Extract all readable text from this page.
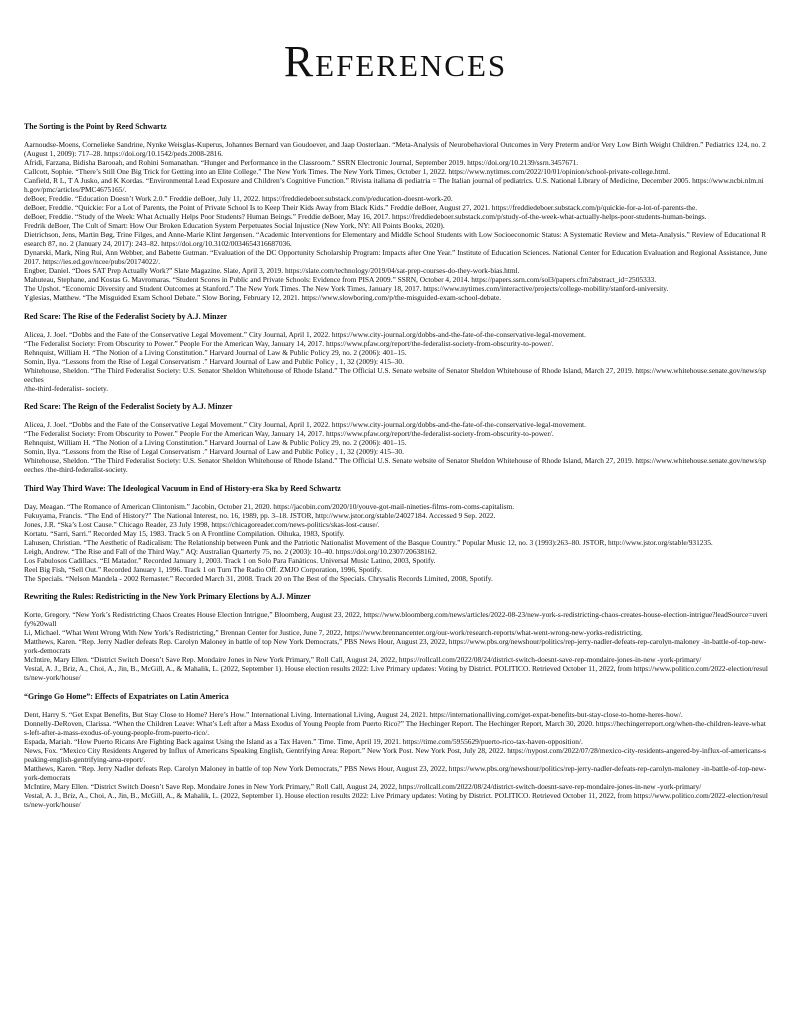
References
The Sorting is the Point by Reed Schwartz

Aarnoudse-Moens, Cornelieke Sandrine, Nynke Weisglas-Kuperus, Johannes Bernard van Goudoever, and Jaap Oosterlaan. “Meta-Analysis of Neurobehavioral Outcomes in Very Preterm and/or Very Low Birth Weight Children.” Pediatrics 124, no. 2 (August 1, 2009): 717–28. https://doi.org/10.1542/peds.2008-2816.

Afridi, Farzana, Bidisha Barooah, and Rohini Somanathan. “Hunger and Performance in the Classroom.” SSRN Electronic Journal, September 2019. https://doi.org/10.2139/ssrn.3457671.

Callcott, Sophie. “There’s Still One Big Trick for Getting into an Elite College.” The New York Times. The New York Times, October 1, 2022. https://www.nytimes.com/2022/10/01/opinion/school-private-college.html.

Canfield, R L, T A Jusko, and K Kordas. “Environmental Lead Exposure and Children’s Cognitive Function.” Rivista italiana di pediatria = The Italian journal of pediatrics. U.S. National Library of Medicine, December 2005. https://www.ncbi.nlm.nih.gov/pmc/articles/PMC4675165/.

deBoer, Freddie. “Education Doesn’t Work 2.0.” Freddie deBoer, July 11, 2022. https://freddiedeboer.substack.com/p/education-doesnt-work-20.

deBoer, Freddie. “Quickie: For a Lot of Parents, the Point of Private School Is to Keep Their Kids Away from Black Kids.” Freddie deBoer, August 27, 2021. https://freddiedeboer.substack.com/p/quickie-for-a-lot-of-parents-the.

deBoer, Freddie. “Study of the Week: What Actually Helps Poor Students? Human Beings.” Freddie deBoer, May 16, 2017. https://freddiedeboer.substack.com/p/study-of-the-week-what-actually-helps-poor-students-human-beings.

Fredrik deBoer, The Cult of Smart: How Our Broken Education System Perpetuates Social Injustice (New York, NY: All Points Books, 2020).

Dietrichson, Jens, Martin Bøg, Trine Filges, and Anne-Marie Klint Jørgensen. “Academic Interventions for Elementary and Middle School Students with Low Socioeconomic Status: A Systematic Review and Meta-Analysis.” Review of Educational Research 87, no. 2 (January 24, 2017): 243–82. https://doi.org/10.3102/0034654316687036.

Dynarski, Mark, Ning Rui, Ann Webber, and Babette Gutman. “Evaluation of the DC Opportunity Scholarship Program: Impacts after One Year.” Institute of Education Sciences. National Center for Education Evaluation and Regional Assistance, June 2017. https://ies.ed.gov/ncee/pubs/20174022/.

Engber, Daniel. “Does SAT Prep Actually Work?” Slate Magazine. Slate, April 3, 2019. https://slate.com/technology/2019/04/sat-prep-courses-do-they-work-bias.html.

Mahuteau, Stephane, and Kostas G. Mavromaras. “Student Scores in Public and Private Schools: Evidence from PISA 2009.” SSRN, October 4, 2014. https://papers.ssrn.com/sol3/papers.cfm?abstract_id=2505333.

The Upshot. “Economic Diversity and Student Outcomes at Stanford.” The New York Times. The New York Times, January 18, 2017. https://www.nytimes.com/interactive/projects/college-mobility/stanford-university.

Yglesias, Matthew. “The Misguided Exam School Debate.” Slow Boring, February 12, 2021. https://www.slowboring.com/p/the-misguided-exam-school-debate.

Red Scare: The Rise of the Federalist Society by A.J. Minzer

Alicea, J. Joel. “Dobbs and the Fate of the Conservative Legal Movement.” City Journal, April 1, 2022. https://www.city-journal.org/dobbs-and-the-fate-of-the-conservative-legal-movement.

“The Federalist Society: From Obscurity to Power.” People For the American Way, January 14, 2017. https://www.pfaw.org/report/the-federalist-society-from-obscurity-to-power/.

Rehnquist, William H. “The Notion of a Living Constitution.” Harvard Journal of Law & Public Policy 29, no. 2 (2006): 401–15.

Somin, Ilya. “Lessons from the Rise of Legal Conservatism .” Harvard Journal of Law and Public Policy , 1, 32 (2009): 415–30.

Whitehouse, Sheldon. “The Third Federalist Society: U.S. Senator Sheldon Whitehouse of Rhode Island.” The Official U.S. Senate website of Senator Sheldon Whitehouse of Rhode Island, March 27, 2019. https://www.whitehouse.senate.gov/news/speeches

/the-third-federalist- society.

Red Scare: The Reign of the Federalist Society by A.J. Minzer

Alicea, J. Joel. “Dobbs and the Fate of the Conservative Legal Movement.” City Journal, April 1, 2022. https://www.city-journal.org/dobbs-and-the-fate-of-the-conservative-legal-movement.

“The Federalist Society: From Obscurity to Power.” People For the American Way, January 14, 2017. https://www.pfaw.org/report/the-federalist-society-from-obscurity-to-power/.

Rehnquist, William H. “The Notion of a Living Constitution.” Harvard Journal of Law & Public Policy 29, no. 2 (2006): 401–15.

Somin, Ilya. “Lessons from the Rise of Legal Conservatism .” Harvard Journal of Law and Public Policy , 1, 32 (2009): 415–30.

Whitehouse, Sheldon. “The Third Federalist Society: U.S. Senator Sheldon Whitehouse of Rhode Island.” The Official U.S. Senate website of Senator Sheldon Whitehouse of Rhode Island, March 27, 2019. https://www.whitehouse.senate.gov/news/speeches /the-third-federalist-society.

Third Way Third Wave: The Ideological Vacuum in End of History-era Ska by Reed Schwartz

Day, Meagan. “The Romance of American Clintonism.” Jacobin, October 21, 2020. https://jacobin.com/2020/10/youve-got-mail-nineties-films-rom-coms-capitalism.

Fukuyama, Francis. “The End of History?” The National Interest, no. 16, 1989, pp. 3–18. JSTOR, http://www.jstor.org/stable/24027184. Accessed 9 Sep. 2022.

Jones, J.R. “Ska’s Lost Cause.” Chicago Reader, 23 July 1998, https://chicagoreader.com/news-politics/skas-lost-cause/.

Kortatu. “Sarri, Sarri.” Recorded May 15, 1983. Track 5 on A Frontline Compilation. Oihuka, 1983, Spotify.

Lahusen, Christian. “The Aesthetic of Radicalism: The Relationship between Punk and the Patriotic Nationalist Movement of the Basque Country.” Popular Music 12, no. 3 (1993):263–80. JSTOR, http://www.jstor.org/stable/931235.

Leigh, Andrew. “The Rise and Fall of the Third Way.” AQ: Australian Quarterly 75, no. 2 (2003): 10–40. https://doi.org/10.2307/20638162.

Los Fabulosos Cadillacs. “El Matador.” Recorded January 1, 2003. Track 1 on Solo Para Fanáticos. Universal Music Latino, 2003, Spotify.

Reel Big Fish, “Sell Out.” Recorded January 1, 1996. Track 1 on Turn The Radio Off. ZMJO Corporation, 1996, Spotify.

The Specials. “Nelson Mandela - 2002 Remaster.” Recorded March 31, 2008. Track 20 on The Best of the Specials. Chrysalis Records Limited, 2008, Spotify.

Rewriting the Rules: Redistricting in the New York Primary Elections by A.J. Minzer

Korte, Gregory. “New York’s Redistricting Chaos Creates House Election Intrigue,” Bloomberg, August 23, 2022, https://www.bloomberg.com/news/articles/2022-08-23/new-york-s-redistricting-chaos-creates-house-election-intrigue?leadSource=uverify%20wall

Li, Michael. “What Went Wrong With New York’s Redistricting,” Brennan Center for Justice, June 7, 2022, https://www.brennancenter.org/our-work/research-reports/what-went-wrong-new-yorks-redistricting.

Matthews, Karen. “Rep. Jerry Nadler defeats Rep. Carolyn Maloney in battle of top New York Democrats,” PBS News Hour, August 23, 2022, https://www.pbs.org/newshour/politics/rep-jerry-nadler-defeats-rep-carolyn-maloney -in-battle-of-top-new-york-democrats

McIntire, Mary Ellen. “District Switch Doesn’t Save Rep. Mondaire Jones in New York Primary,” Roll Call, August 24, 2022, https://rollcall.com/2022/08/24/district-switch-doesnt-save-rep-mondaire-jones-in-new -york-primary/

Vestal, A. J., Briz, A., Choi, A., Jin, B., McGill, A., & Mahalik, L. (2022, September 1). House election results 2022: Live Primary updates: Voting by District. POLITICO. Retrieved October 11, 2022, from https://www.politico.com/2022-election/results/new-york/house/

“Gringo Go Home”: Effects of Expatriates on Latin America

Dent, Harry S. “Get Expat Benefits, But Stay Close to Home? Here’s How.” International Living. International Living, August 24, 2021. https://internationalliving.com/get-expat-benefits-but-stay-close-to-home-heres-how/.

Donnelly-DeRoven, Clarissa. “When the Children Leave: What’s Left after a Mass Exodus of Young People from Puerto Rico?” The Hechinger Report. The Hechinger Report, March 30, 2020. https://hechingerreport.org/when-the-children-leave-whats-left-after-a-mass-exodus-of-young-people-from-puerto-rico/.

Espada, Mariah. “How Puerto Ricans Are Fighting Back against Using the Island as a Tax Haven.” Time. Time, April 19, 2021. https://time.com/5955629/puerto-rico-tax-haven-opposition/.

News, Fox. “Mexico City Residents Angered by Influx of Americans Speaking English, Gentrifying Area: Report.” New York Post. New York Post, July 28, 2022. https://nypost.com/2022/07/28/mexico-city-residents-angered-by-influx-of-americans-speaking-english-gentrifying-area-report/.

Matthews, Karen. “Rep. Jerry Nadler defeats Rep. Carolyn Maloney in battle of top New York Democrats,” PBS News Hour, August 23, 2022, https://www.pbs.org/newshour/politics/rep-jerry-nadler-defeats-rep-carolyn-maloney -in-battle-of-top-new-york-democrats

McIntire, Mary Ellen. “District Switch Doesn’t Save Rep. Mondaire Jones in New York Primary,” Roll Call, August 24, 2022, https://rollcall.com/2022/08/24/district-switch-doesnt-save-rep-mondaire-jones-in-new -york-primary/

Vestal, A. J., Briz, A., Choi, A., Jin, B., McGill, A., & Mahalik, L. (2022, September 1). House election results 2022: Live Primary updates: Voting by District. POLITICO. Retrieved October 11, 2022, from https://www.politico.com/2022-election/results/new-york/house/
